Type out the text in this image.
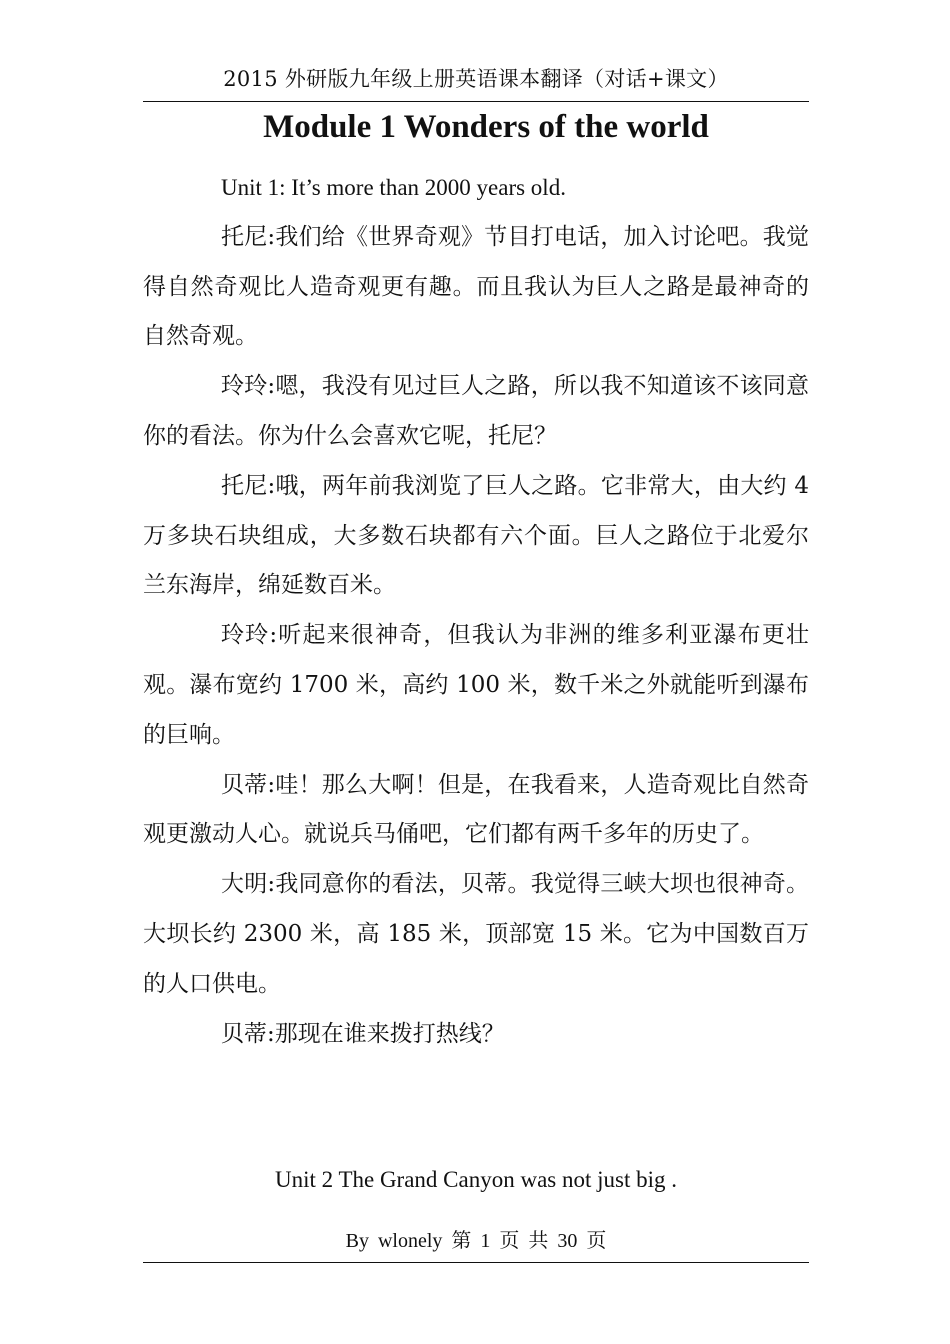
2015 外研版九年级上册英语课本翻译（对话+课文）
Module 1 Wonders of the world

Unit 1: It’s more than 2000 years old.

托尼:我们给《世界奇观》节目打电话，加入讨论吧。我觉得自然奇观比人造奇观更有趣。而且我认为巨人之路是最神奇的自然奇观。

玲玲:嗯，我没有见过巨人之路，所以我不知道该不该同意你的看法。你为什么会喜欢它呢，托尼？

托尼:哦，两年前我浏览了巨人之路。它非常大，由大约 4 万多块石块组成，大多数石块都有六个面。巨人之路位于北爱尔兰东海岸，绵延数百米。

玲玲:听起来很神奇，但我认为非洲的维多利亚瀑布更壮观。瀑布宽约 1700 米，高约 100 米，数千米之外就能听到瀑布的巨响。

贝蒂:哇！那么大啊！但是，在我看来，人造奇观比自然奇观更激动人心。就说兵马俑吧，它们都有两千多年的历史了。

大明:我同意你的看法，贝蒂。我觉得三峡大坝也很神奇。大坝长约 2300 米，高 185 米，顶部宽 15 米。它为中国数百万的人口供电。

贝蒂:那现在谁来拨打热线？

Unit 2 The Grand Canyon was not just big .
By wlonely 第 1 页 共 30 页
